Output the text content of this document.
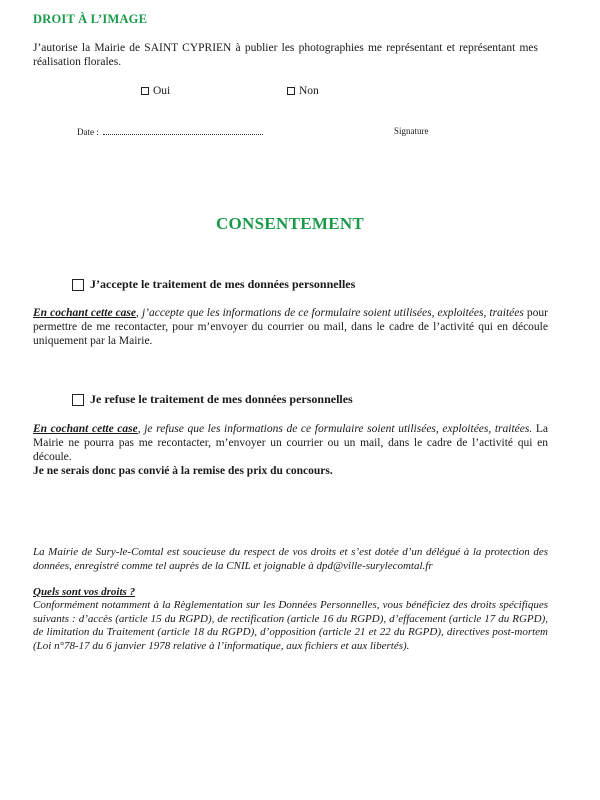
DROIT À L’IMAGE
J’autorise la Mairie de SAINT CYPRIEN à publier les photographies me représentant et représentant mes réalisation florales.
Oui	Non
Date :	Signature
CONSENTEMENT
J’accepte le traitement de mes données personnelles
En cochant cette case, j’accepte que les informations de ce formulaire soient utilisées, exploitées, traitées pour permettre de me recontacter, pour m’envoyer du courrier ou mail, dans le cadre de l’activité qui en découle uniquement par la Mairie.
Je refuse le traitement de mes données personnelles
En cochant cette case, je refuse que les informations de ce formulaire soient utilisées, exploitées, traitées. La Mairie ne pourra pas me recontacter, m’envoyer un courrier ou un mail, dans le cadre de l’activité qui en découle.
Je ne serais donc pas convié à la remise des prix du concours.
La Mairie de Sury-le-Comtal est soucieuse du respect de vos droits et s’est dotée d’un délégué à la protection des données, enregistré comme tel auprès de la CNIL et joignable à dpd@ville-surylecomtal.fr
Quels sont vos droits ?
Conformément notamment à la Règlementation sur les Données Personnelles, vous bénéficiez des droits spécifiques suivants : d’accès (article 15 du RGPD), de rectification (article 16 du RGPD), d’effacement (article 17 du RGPD), de limitation du Traitement (article 18 du RGPD), d’opposition (article 21 et 22 du RGPD), directives post-mortem (Loi n°78-17 du 6 janvier 1978 relative à l’informatique, aux fichiers et aux libertés).
